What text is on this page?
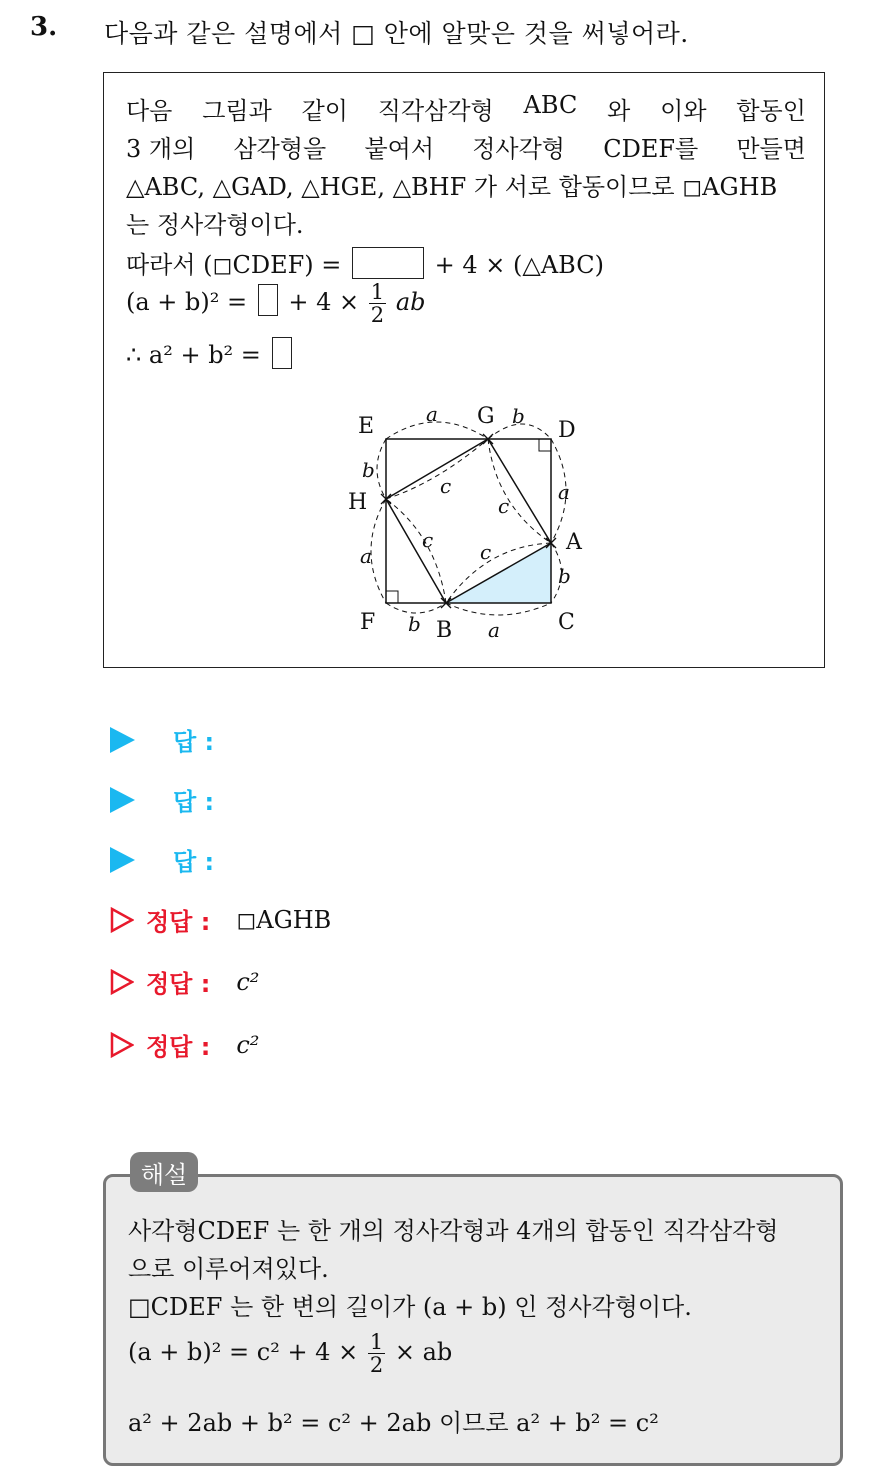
3. 다음과 같은 설명에서 □ 안에 알맞은 것을 써넣어라.
다음 그림과 같이 직각삼각형 ABC 와 이와 합동인
3 개의 삼각형을 붙여서 정사각형 CDEF를 만들면
△ABC, △GAD, △HGE, △BHF 가 서로 합동이므로 ◻AGHB
는 정사각형이다.
따라서 (◻CDEF) =	+ 4 × (△ABC)
(a + b)² = + $4 \times \frac{1}{2}$ ab
∴ a² + b² =
E	G
D
H
A
F	B	C
a	b
a
b
a
b
a
b
c
c
c
c
답 :
답 :
답 :
정답 : ◻AGHB
정답 : c²
정답 : c²
사각형CDEF 는 한 개의 정사각형과 4개의 합동인 직각삼각형
으로 이루어져있다.
□CDEF 는 한 변의 길이가 (a + b) 인 정사각형이다.
$(a + b)^2 = c^2 + 4 \times \frac{1}{2}$ × ab
a² + 2ab + b² = c² + 2ab 이므로 a² + b² = c²
해설
